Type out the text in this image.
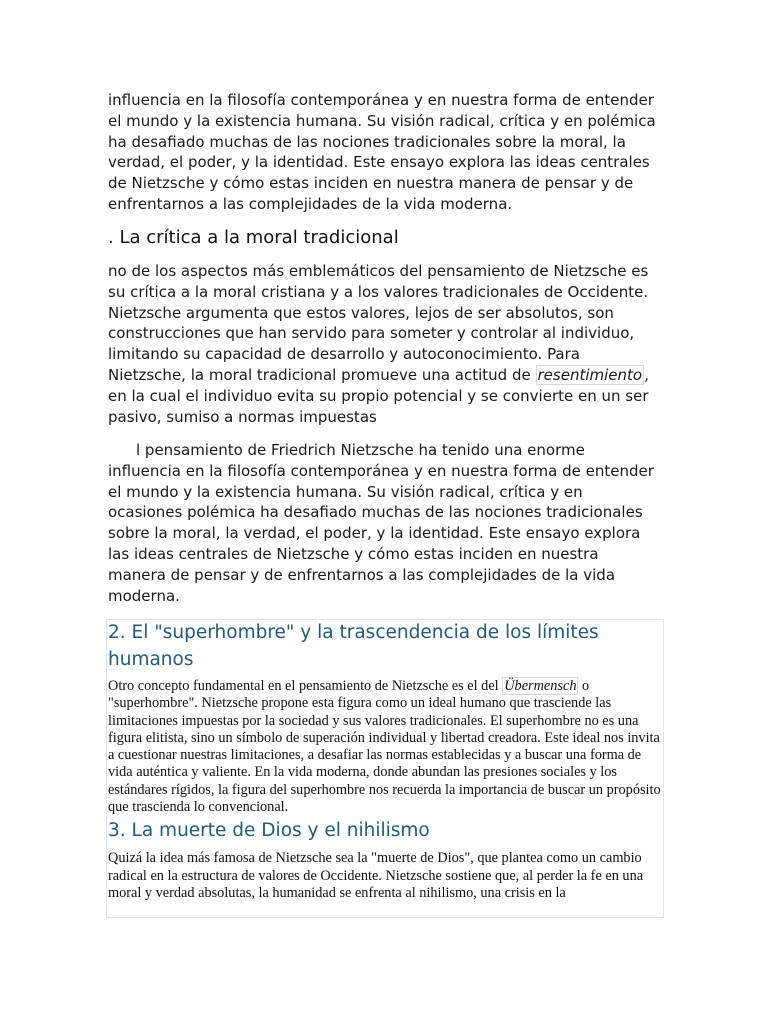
influencia en la filosofía contemporánea y en nuestra forma de entender el mundo y la existencia humana. Su visión radical, crítica y en polémica ha desafiado muchas de las nociones tradicionales sobre la moral, la verdad, el poder, y la identidad. Este ensayo explora las ideas centrales de Nietzsche y cómo estas inciden en nuestra manera de pensar y de enfrentarnos a las complejidades de la vida moderna.

. La crítica a la moral tradicional

no de los aspectos más emblemáticos del pensamiento de Nietzsche es su crítica a la moral cristiana y a los valores tradicionales de Occidente. Nietzsche argumenta que estos valores, lejos de ser absolutos, son construcciones que han servido para someter y controlar al individuo, limitando su capacidad de desarrollo y autoconocimiento. Para Nietzsche, la moral tradicional promueve una actitud de resentimiento , en la cual el individuo evita su propio potencial y se convierte en un ser pasivo, sumiso a normas impuestas

l pensamiento de Friedrich Nietzsche ha tenido una enorme influencia en la filosofía contemporánea y en nuestra forma de entender el mundo y la existencia humana. Su visión radical, crítica y en ocasiones polémica ha desafiado muchas de las nociones tradicionales sobre la moral, la verdad, el poder, y la identidad. Este ensayo explora las ideas centrales de Nietzsche y cómo estas inciden en nuestra manera de pensar y de enfrentarnos a las complejidades de la vida moderna.

2. El "superhombre" y la trascendencia de los límites humanos

Otro concepto fundamental en el pensamiento de Nietzsche es el del Übermensch o "superhombre". Nietzsche propone esta figura como un ideal humano que trasciende las limitaciones impuestas por la sociedad y sus valores tradicionales. El superhombre no es una figura elitista, sino un símbolo de superación individual y libertad creadora. Este ideal nos invita a cuestionar nuestras limitaciones, a desafiar las normas establecidas y a buscar una forma de vida auténtica y valiente. En la vida moderna, donde abundan las presiones sociales y los estándares rígidos, la figura del superhombre nos recuerda la importancia de buscar un propósito que trascienda lo convencional.

3. La muerte de Dios y el nihilismo

Quizá la idea más famosa de Nietzsche sea la "muerte de Dios", que plantea como un cambio radical en la estructura de valores de Occidente. Nietzsche sostiene que, al perder la fe en una moral y verdad absolutas, la humanidad se enfrenta al nihilismo, una crisis en la
